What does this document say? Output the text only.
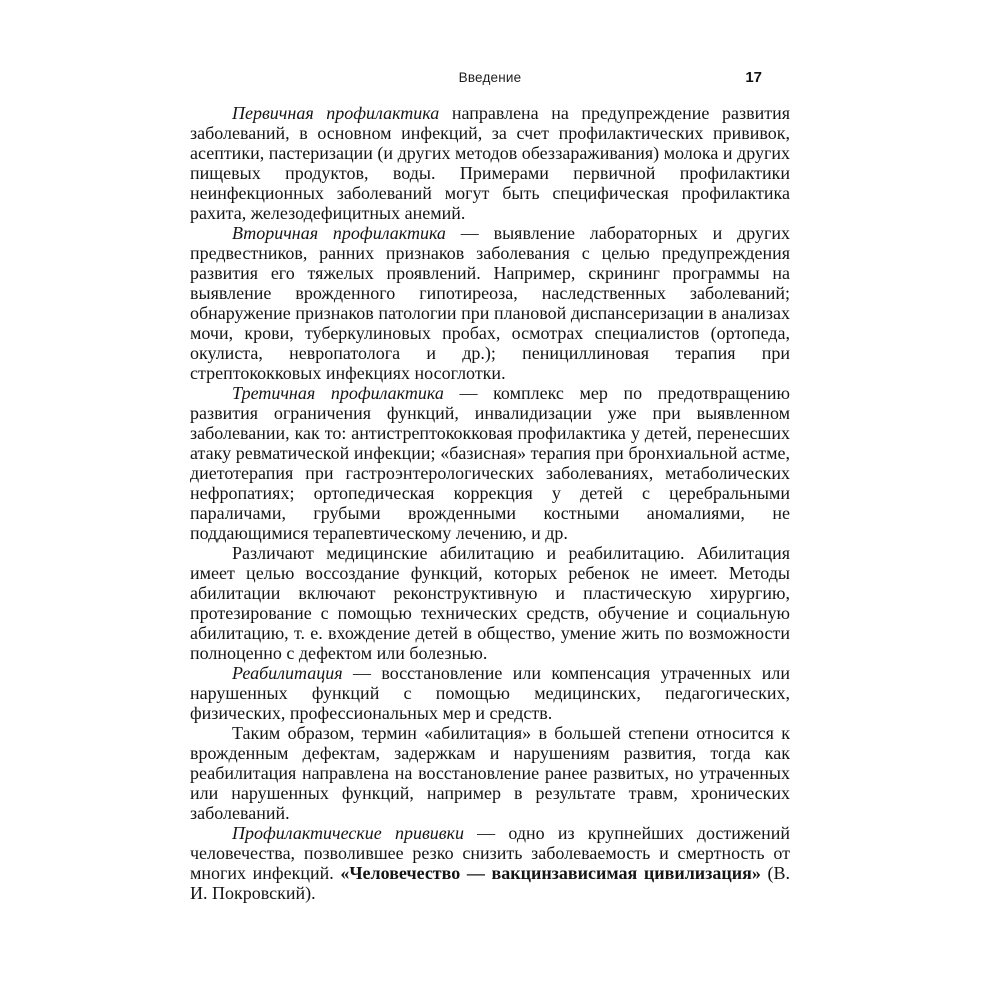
Введение	17

Первичная профилактика направлена на предупреждение развития заболеваний, в основном инфекций, за счет профилактических прививок, асептики, пастеризации (и других методов обеззараживания) молока и других пищевых продуктов, воды. Примерами первичной профилактики неинфекционных заболеваний могут быть специфическая профилактика рахита, железодефицитных анемий.

Вторичная профилактика — выявление лабораторных и других предвестников, ранних признаков заболевания с целью предупреждения развития его тяжелых проявлений. Например, скрининг программы на выявление врожденного гипотиреоза, наследственных заболеваний; обнаружение признаков патологии при плановой диспансеризации в анализах мочи, крови, туберкулиновых пробах, осмотрах специалистов (ортопеда, окулиста, невропатолога и др.); пенициллиновая терапия при стрептококковых инфекциях носоглотки.

Третичная профилактика — комплекс мер по предотвращению развития ограничения функций, инвалидизации уже при выявленном заболевании, как то: антистрептококковая профилактика у детей, перенесших атаку ревматической инфекции; «базисная» терапия при бронхиальной астме, диетотерапия при гастроэнтерологических заболеваниях, метаболических нефропатиях; ортопедическая коррекция у детей с церебральными параличами, грубыми врожденными костными аномалиями, не поддающимися терапевтическому лечению, и др.

Различают медицинские абилитацию и реабилитацию. Абилитация имеет целью воссоздание функций, которых ребенок не имеет. Методы абилитации включают реконструктивную и пластическую хирургию, протезирование с помощью технических средств, обучение и социальную абилитацию, т. е. вхождение детей в общество, умение жить по возможности полноценно с дефектом или болезнью.

Реабилитация — восстановление или компенсация утраченных или нарушенных функций с помощью медицинских, педагогических, физических, профессиональных мер и средств.

Таким образом, термин «абилитация» в большей степени относится к врожденным дефектам, задержкам и нарушениям развития, тогда как реабилитация направлена на восстановление ранее развитых, но утраченных или нарушенных функций, например в результате травм, хронических заболеваний.

Профилактические прививки — одно из крупнейших достижений человечества, позволившее резко снизить заболеваемость и смертность от многих инфекций. «Человечество — вакцинзависимая цивилизация» (В. И. Покровский).
